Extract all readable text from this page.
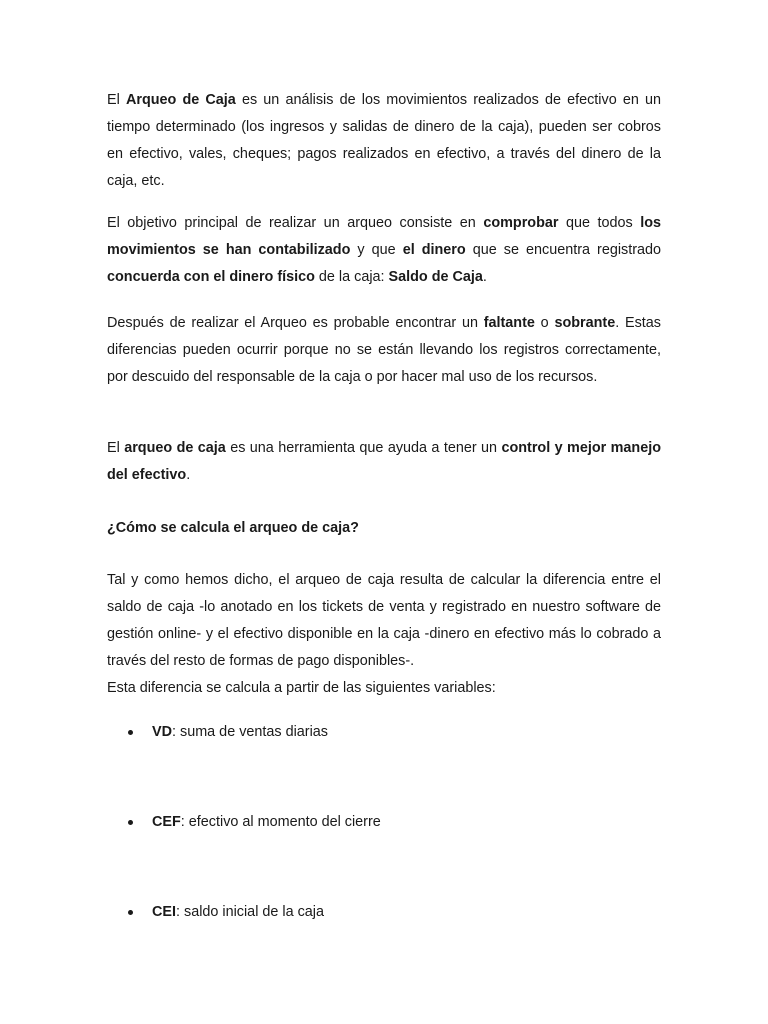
El Arqueo de Caja es un análisis de los movimientos realizados de efectivo en un tiempo determinado (los ingresos y salidas de dinero de la caja), pueden ser cobros en efectivo, vales, cheques; pagos realizados en efectivo, a través del dinero de la caja, etc.

El objetivo principal de realizar un arqueo consiste en comprobar que todos los movimientos se han contabilizado y que el dinero que se encuentra registrado concuerda con el dinero físico de la caja: Saldo de Caja.

Después de realizar el Arqueo es probable encontrar un faltante o sobrante. Estas diferencias pueden ocurrir porque no se están llevando los registros correctamente, por descuido del responsable de la caja o por hacer mal uso de los recursos.

El arqueo de caja es una herramienta que ayuda a tener un control y mejor manejo del efectivo.

¿Cómo se calcula el arqueo de caja?

Tal y como hemos dicho, el arqueo de caja resulta de calcular la diferencia entre el saldo de caja -lo anotado en los tickets de venta y registrado en nuestro software de gestión online- y el efectivo disponible en la caja -dinero en efectivo más lo cobrado a través del resto de formas de pago disponibles-.

Esta diferencia se calcula a partir de las siguientes variables:

VD : suma de ventas diarias
CEF : efectivo al momento del cierre
CEI : saldo inicial de la caja
